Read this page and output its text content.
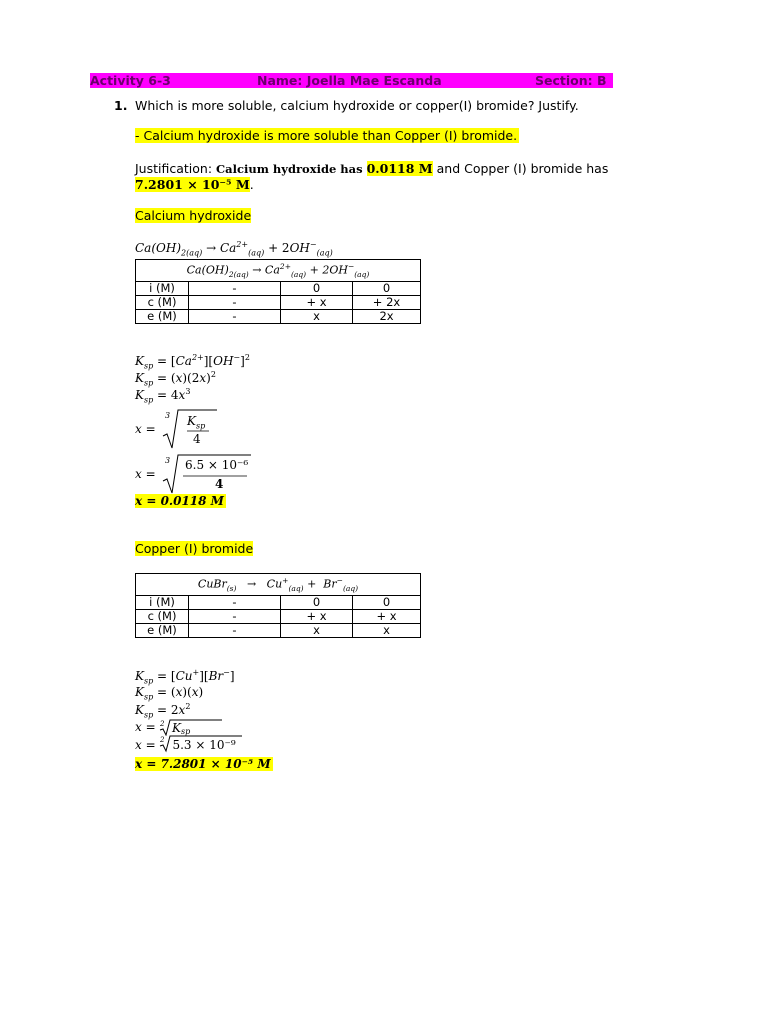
Activity 6-3	Name: Joella Mae Escanda	Section: B
1. Which is more soluble, calcium hydroxide or copper(I) bromide? Justify.
- Calcium hydroxide is more soluble than Copper (I) bromide.
Justification: Calcium hydroxide has 0.0118 M and Copper (I) bromide has
7.2801 × 10⁻⁵ M.
Calcium hydroxide
$Ca(OH)_{2(aq)} \to Ca^{2+}_{(aq)} + 2OH^-_{(aq)}$
$Ca(OH)_{2(aq)} \to Ca^{2+}_{(aq)} + 2OH^-_{(aq)}$
i (M)	-	0	0
c (M)	-	+ x	+ 2x
e (M)	-	x	2x
$K_{sp} = [Ca^{2+}][OH^-]^2$
$K_{sp} = (x)(2x)^2$
$K_{sp} = 4x^3$
x =
3 $K_{sp}$
4
x =
3 6.5 × 10⁻⁶
4
x = 0.0118 M
Copper (I) bromide
CuBr$_{(s)}$ →   $Cu^+_{(aq)} + Br^-_{(aq)}$
i (M)	-	0	0
c (M)	-	+ x	+ x
e (M)	-	x	x
$K_{sp} = [Cu^+][Br^-]$
$K_{sp} = (x)(x)$
$K_{sp} = 2x^2$
x = 2 K sp
x = 2 5.3 × 10⁻⁹
x = 7.2801 × 10⁻⁵ M
